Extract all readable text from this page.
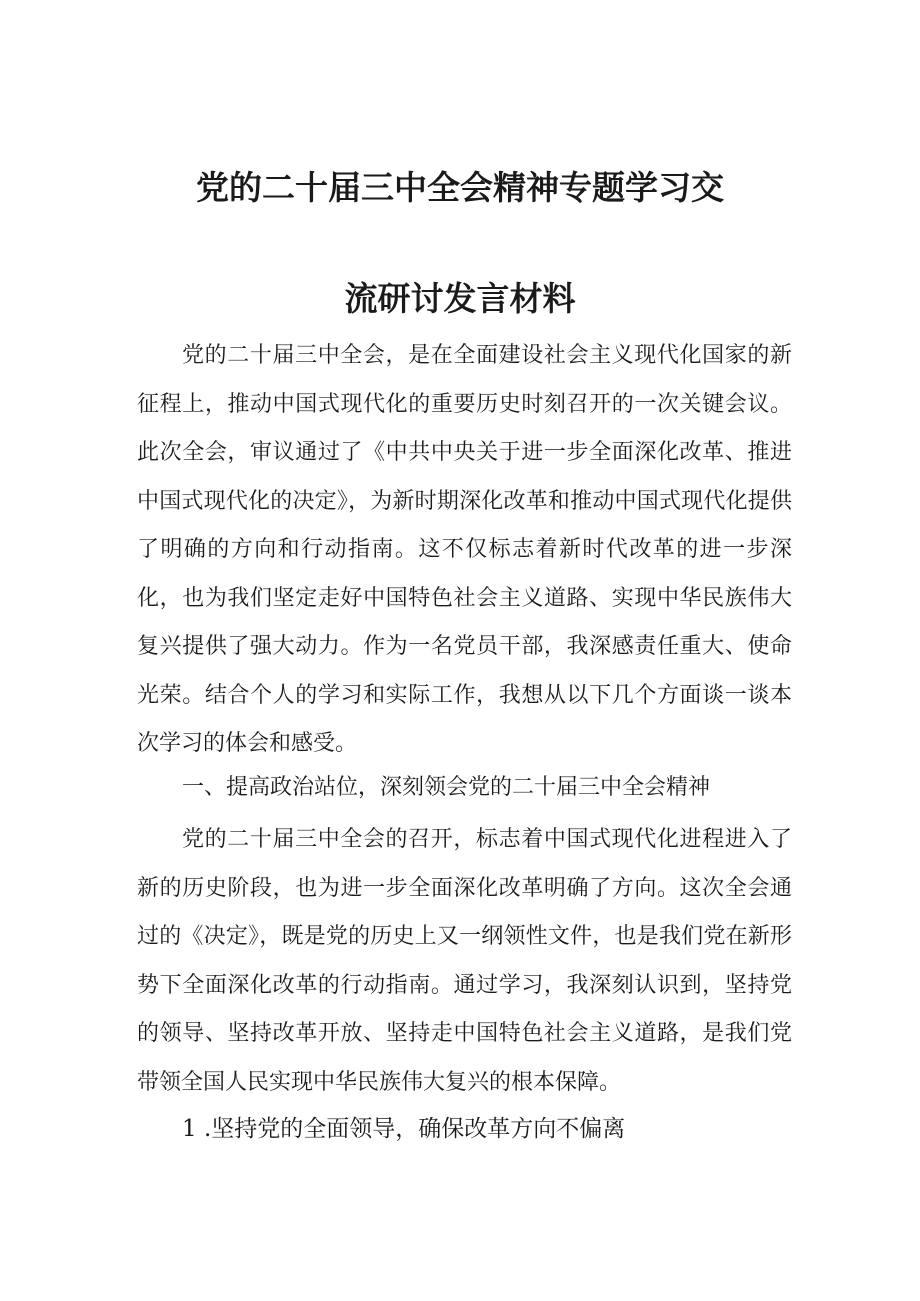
党的二十届三中全会精神专题学习交
流研讨发言材料

党的二十届三中全会，是在全面建设社会主义现代化国家的新征程上，推动中国式现代化的重要历史时刻召开的一次关键会议。此次全会，审议通过了《中共中央关于进一步全面深化改革、推进中国式现代化的决定》，为新时期深化改革和推动中国式现代化提供了明确的方向和行动指南。这不仅标志着新时代改革的进一步深化，也为我们坚定走好中国特色社会主义道路、实现中华民族伟大复兴提供了强大动力。作为一名党员干部，我深感责任重大、使命光荣。结合个人的学习和实际工作，我想从以下几个方面谈一谈本次学习的体会和感受。

一、提高政治站位，深刻领会党的二十届三中全会精神

党的二十届三中全会的召开，标志着中国式现代化进程进入了新的历史阶段，也为进一步全面深化改革明确了方向。这次全会通过的《决定》，既是党的历史上又一纲领性文件，也是我们党在新形势下全面深化改革的行动指南。通过学习，我深刻认识到，坚持党的领导、坚持改革开放、坚持走中国特色社会主义道路，是我们党带领全国人民实现中华民族伟大复兴的根本保障。

1 .坚持党的全面领导，确保改革方向不偏离
